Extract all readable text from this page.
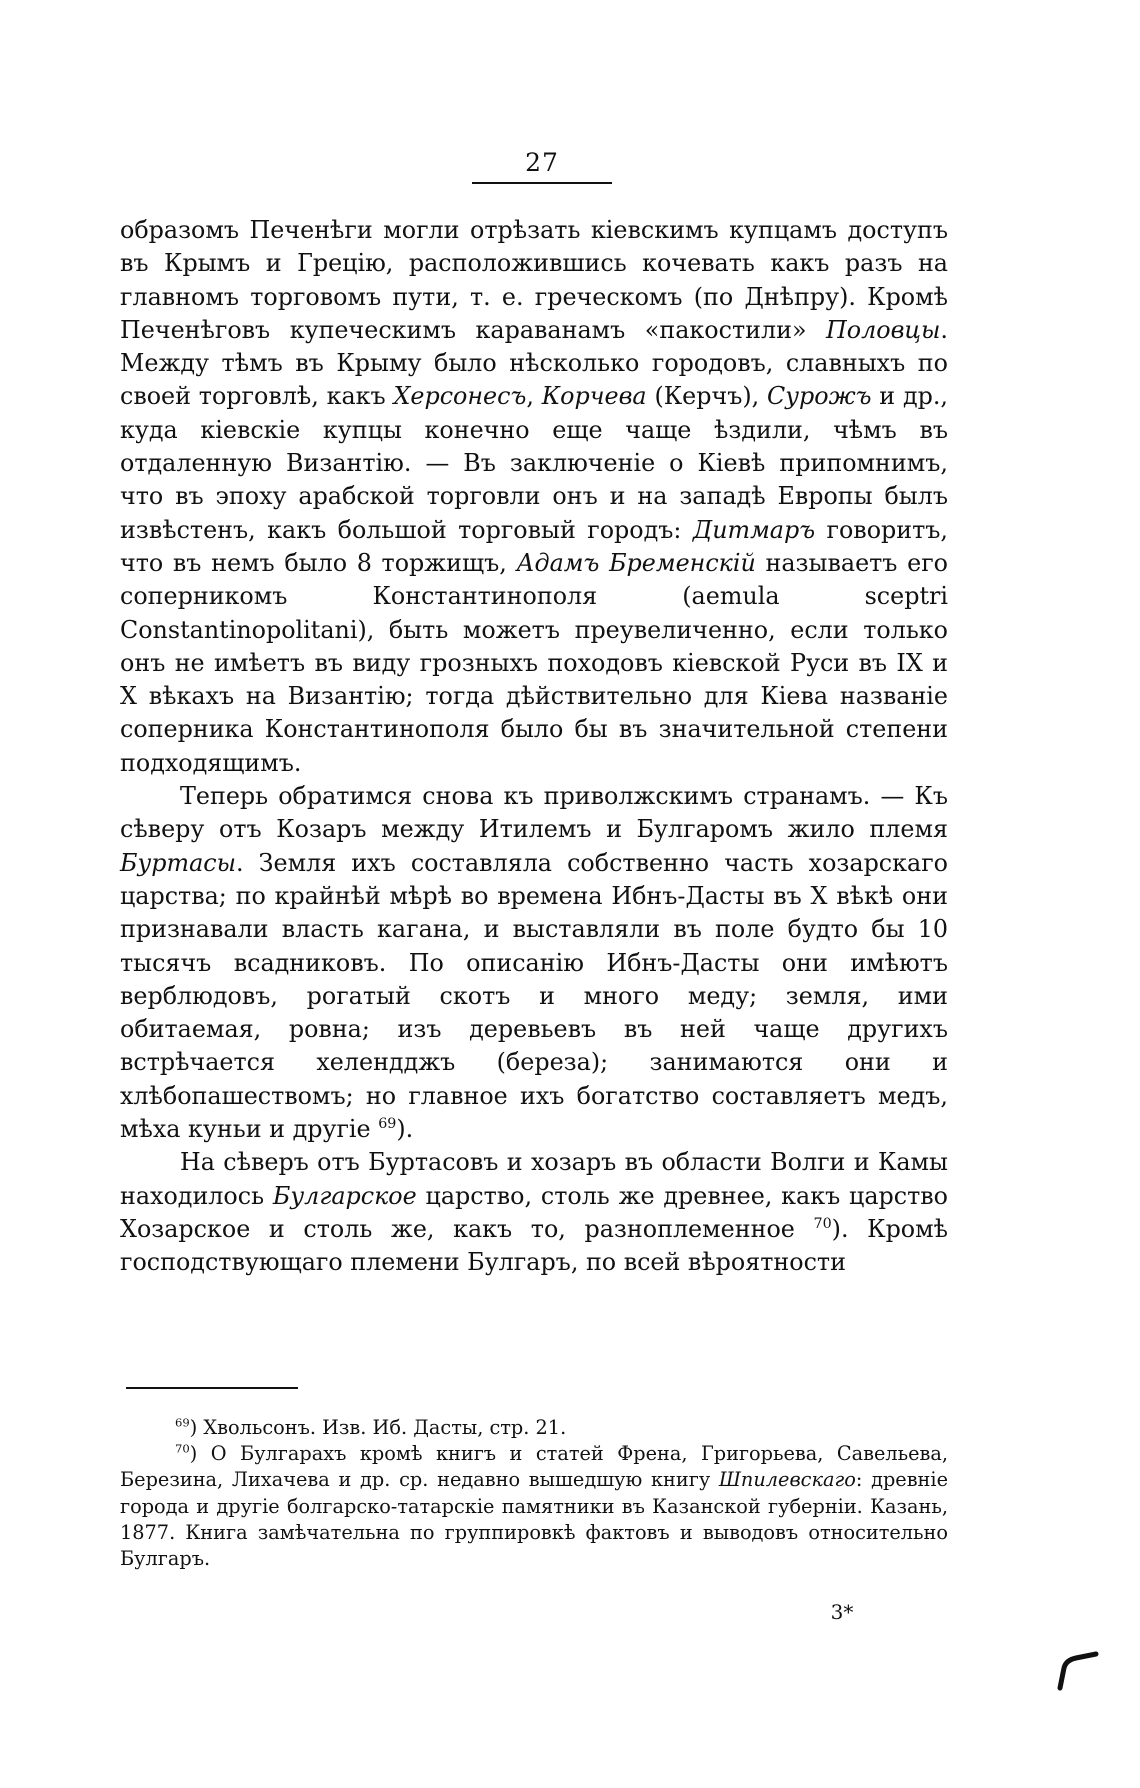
27

образомъ Печенѣги могли отрѣзать кіевскимъ купцамъ доступъ въ Крымъ и Грецію, расположившись кочевать какъ разъ на главномъ торговомъ пути, т. е. греческомъ (по Днѣпру). Кромѣ Печенѣговъ купеческимъ караванамъ «пакостили» Половцы. Между тѣмъ въ Крыму было нѣсколько городовъ, славныхъ по своей торговлѣ, какъ Херсонесъ, Корчева (Керчъ), Сурожъ и др., куда кіевскіе купцы конечно еще чаще ѣздили, чѣмъ въ отдаленную Византію. — Въ заключеніе о Кіевѣ припомнимъ, что въ эпоху арабской торговли онъ и на западѣ Европы былъ извѣстенъ, какъ большой торговый городъ: Дитмаръ говоритъ, что въ немъ было 8 торжищъ, Адамъ Бременскій называетъ его соперникомъ Константинополя (aemula sceptri Constantinopolitani), быть можетъ преувеличенно, если только онъ не имѣетъ въ виду грозныхъ походовъ кіевской Руси въ IX и X вѣкахъ на Византію; тогда дѣйствительно для Кіева названіе соперника Константинополя было бы въ значительной степени подходящимъ.

Теперь обратимся снова къ приволжскимъ странамъ. — Къ сѣверу отъ Козаръ между Итилемъ и Булгаромъ жило племя Буртасы. Земля ихъ составляла собственно часть хозарскаго царства; по крайнѣй мѣрѣ во времена Ибнъ-Дасты въ X вѣкѣ они признавали власть кагана, и выставляли въ поле будто бы 10 тысячъ всадниковъ. По описанію Ибнъ-Дасты они имѣютъ верблюдовъ, рогатый скотъ и много меду; земля, ими обитаемая, ровна; изъ деревьевъ въ ней чаще другихъ встрѣчается хелендджъ (береза); занимаются они и хлѣбопашествомъ; но главное ихъ богатство составляетъ медъ, мѣха куньи и другіе $^{69}$).

На сѣверъ отъ Буртасовъ и хозаръ въ области Волги и Камы находилось Булгарское царство, столь же древнее, какъ царство Хозарское и столь же, какъ то, разноплеменное $^{70}$). Кромѣ господствующаго племени Булгаръ, по всей вѣроятности

$^{69}$) Хвольсонъ. Изв. Иб. Дасты, стр. 21.

$^{70}$) О Булгарахъ кромѣ книгъ и статей Френа, Григорьева, Савельева, Березина, Лихачева и др. ср. недавно вышедшую книгу Шпилевскаго: древніе города и другіе болгарско-татарскіе памятники въ Казанской губерніи. Казань, 1877. Книга замѣчательна по группировкѣ фактовъ и выводовъ относительно Булгаръ.

3*
